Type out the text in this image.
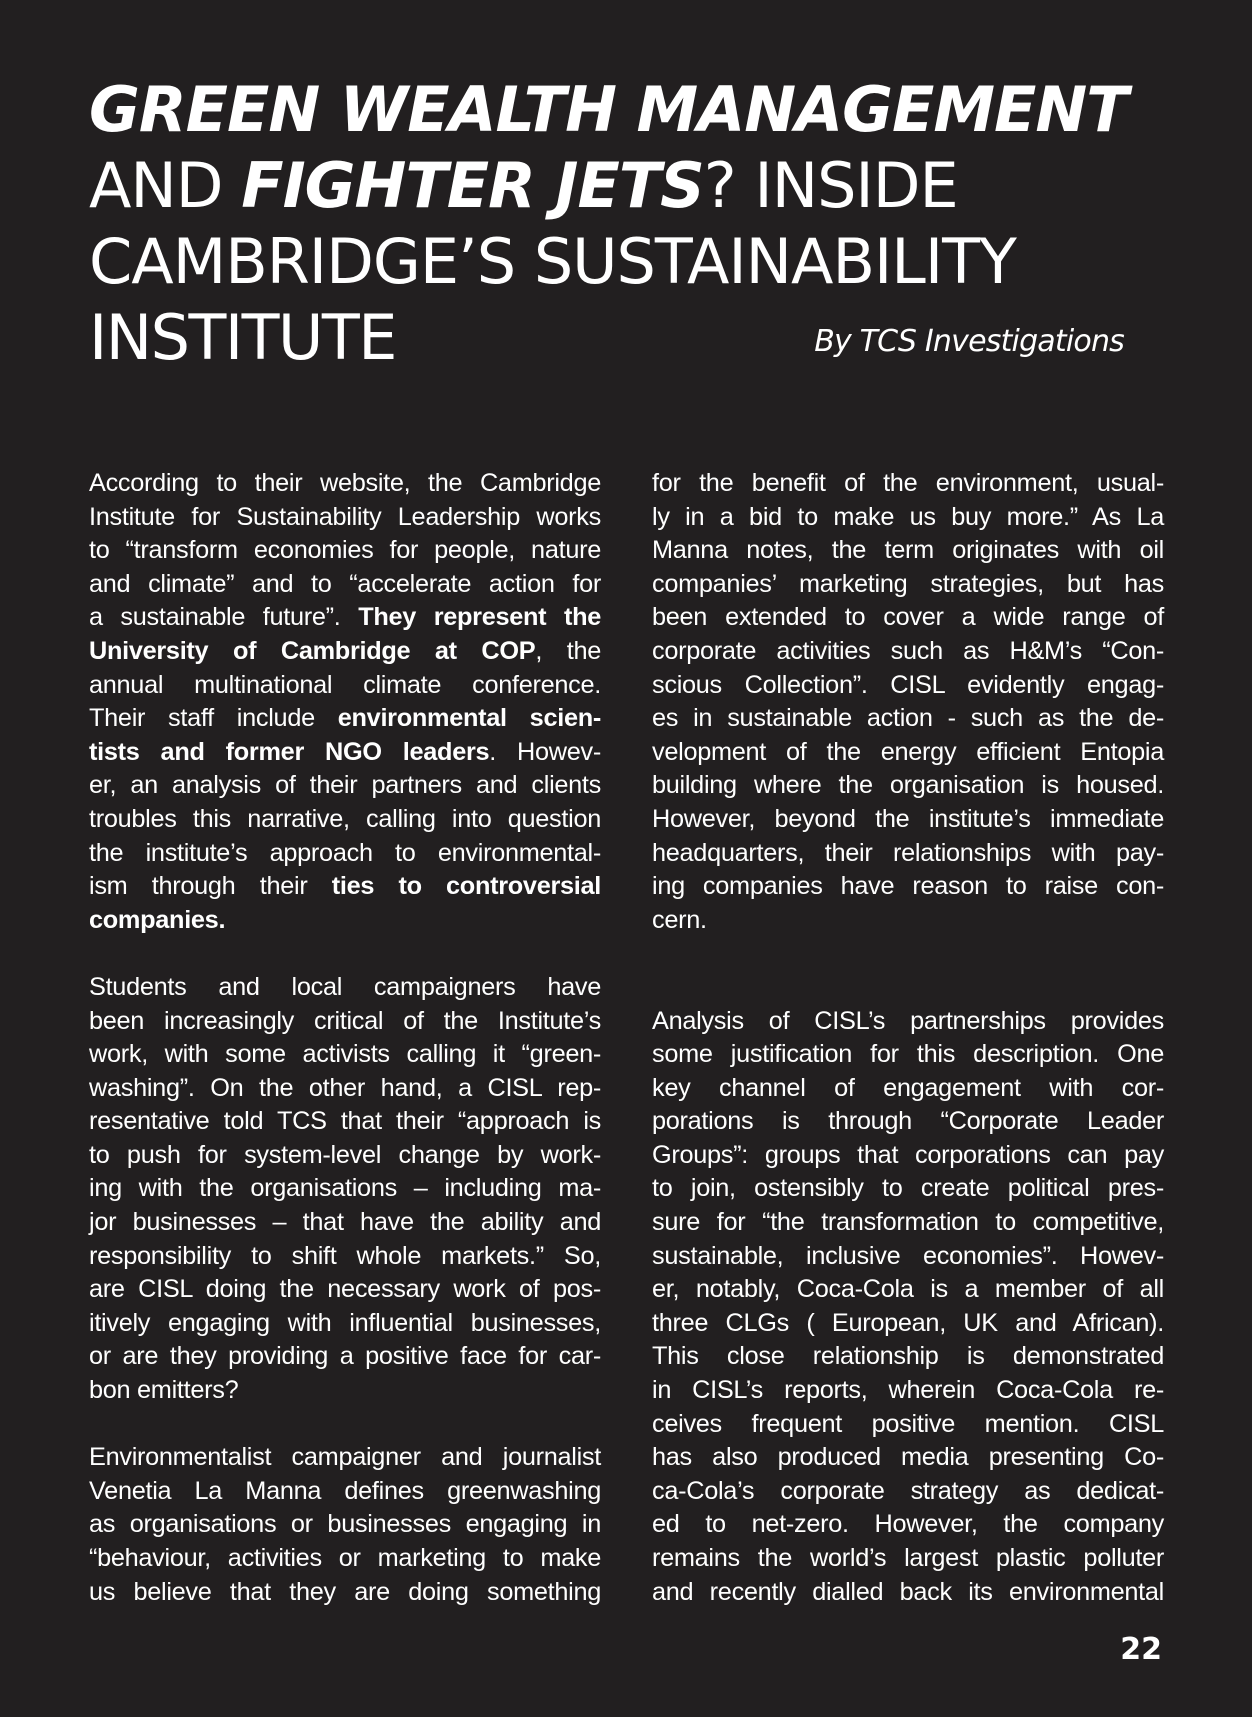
GREEN WEALTH MANAGEMENT
AND FIGHTER JETS? INSIDE
CAMBRIDGE’S SUSTAINABILITY
INSTITUTE	By TCS Investigations

According to their website, the Cambridge
Institute for Sustainability Leadership works
to “transform economies for people, nature
and climate” and to “accelerate action for
a sustainable future”. They represent the
University of Cambridge at COP, the
annual multinational climate conference.
Their staff include environmental scien-
tists and former NGO leaders. Howev-
er, an analysis of their partners and clients
troubles this narrative, calling into question
the institute’s approach to environmental-
ism through their ties to controversial
companies.

Students and local campaigners have
been increasingly critical of the Institute’s
work, with some activists calling it “green-
washing”. On the other hand, a CISL rep-
resentative told TCS that their “approach is
to push for system-level change by work-
ing with the organisations – including ma-
jor businesses – that have the ability and
responsibility to shift whole markets.” So,
are CISL doing the necessary work of pos-
itively engaging with influential businesses,
or are they providing a positive face for car-
bon emitters?

Environmentalist campaigner and journalist
Venetia La Manna defines greenwashing
as organisations or businesses engaging in
“behaviour, activities or marketing to make
us believe that they are doing something

for the benefit of the environment, usual-
ly in a bid to make us buy more.” As La
Manna notes, the term originates with oil
companies’ marketing strategies, but has
been extended to cover a wide range of
corporate activities such as H&M’s “Con-
scious Collection”. CISL evidently engag-
es in sustainable action - such as the de-
velopment of the energy efficient Entopia
building where the organisation is housed.
However, beyond the institute’s immediate
headquarters, their relationships with pay-
ing companies have reason to raise con-
cern.

Analysis of CISL’s partnerships provides
some justification for this description. One
key channel of engagement with cor-
porations is through “Corporate Leader
Groups”: groups that corporations can pay
to join, ostensibly to create political pres-
sure for “the transformation to competitive,
sustainable, inclusive economies”. Howev-
er, notably, Coca-Cola is a member of all
three CLGs ( European, UK and African).
This close relationship is demonstrated
in CISL’s reports, wherein Coca-Cola re-
ceives frequent positive mention. CISL
has also produced media presenting Co-
ca-Cola’s corporate strategy as dedicat-
ed to net-zero. However, the company
remains the world’s largest plastic polluter
and recently dialled back its environmental

22
